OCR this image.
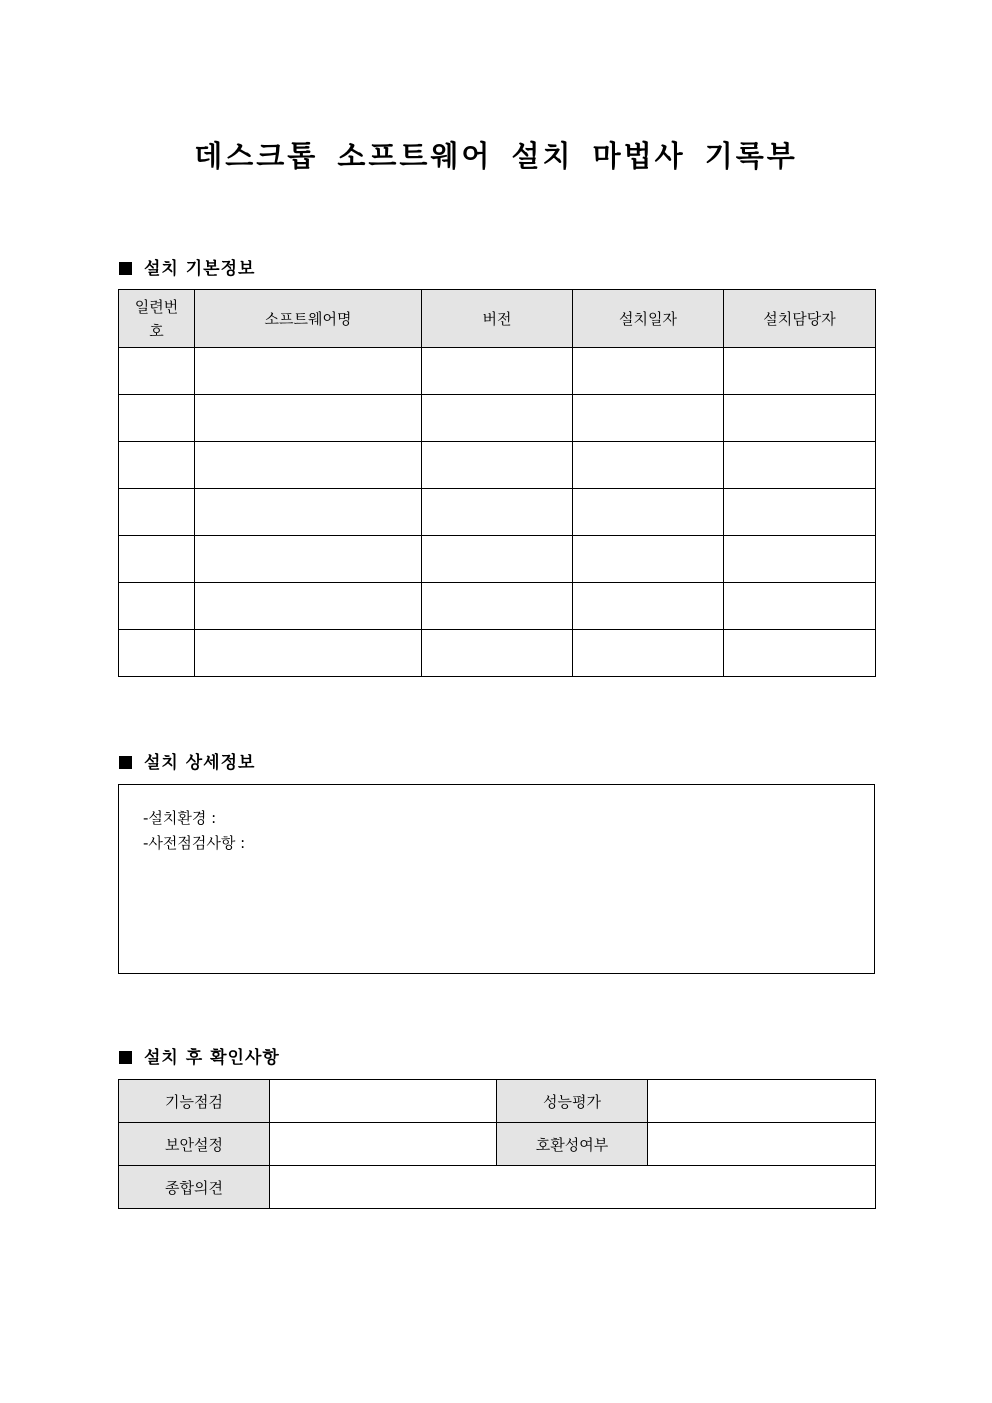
데스크톱 소프트웨어 설치 마법사 기록부
설치 기본정보
일련번호	소프트웨어명	버전	설치일자	설치담당자

설치 상세정보
-설치환경 :
-사전점검사항 :
설치 후 확인사항
기능점검		성능평가	
보안설정		호환성여부	
종합의견			
